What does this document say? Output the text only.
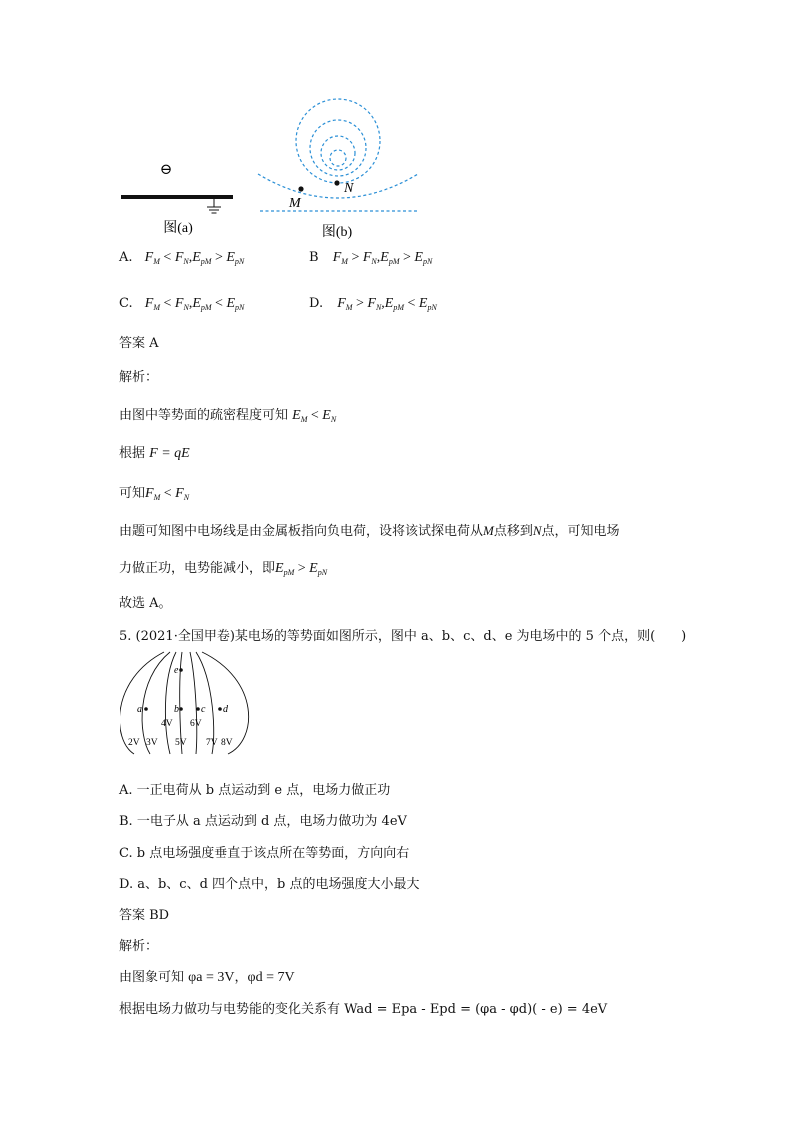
⊖
图(a)
M
N
图(b)
A. $F_M < F_N,E_{pM} > E_{pN}$	B $F_M > F_N,E_{pM} > E_{pN}$
C. $F_M < F_N,E_{pM} < E_{pN}$	D. $F_M > F_N,E_{pM} < E_{pN}$
答案 A
解析：
由图中等势面的疏密程度可知 $E_M < E_N$
根据 F = qE
可知$F_M < F_N$
由题可知图中电场线是由金属板指向负电荷，设将该试探电荷从M点移到N点，可知电场
力做正功，电势能减小，即$E_{pM} > E_{pN}$
故选 A。
5. (2021·全国甲卷)某电场的等势面如图所示，图中 a、b、c、d、e 为电场中的 5 个点，则(　　)
e
a	b c d
4V 6V
2V 3V 5V 7V 8V
A. 一正电荷从 b 点运动到 e 点，电场力做正功
B. 一电子从 a 点运动到 d 点，电场力做功为 4eV
C. b 点电场强度垂直于该点所在等势面，方向向右
D. a、b、c、d 四个点中，b 点的电场强度大小最大
答案 BD
解析：
由图象可知 φa = 3V，φd = 7V
根据电场力做功与电势能的变化关系有 Wad = Epa - Epd = (φa - φd)( - e) = 4eV
